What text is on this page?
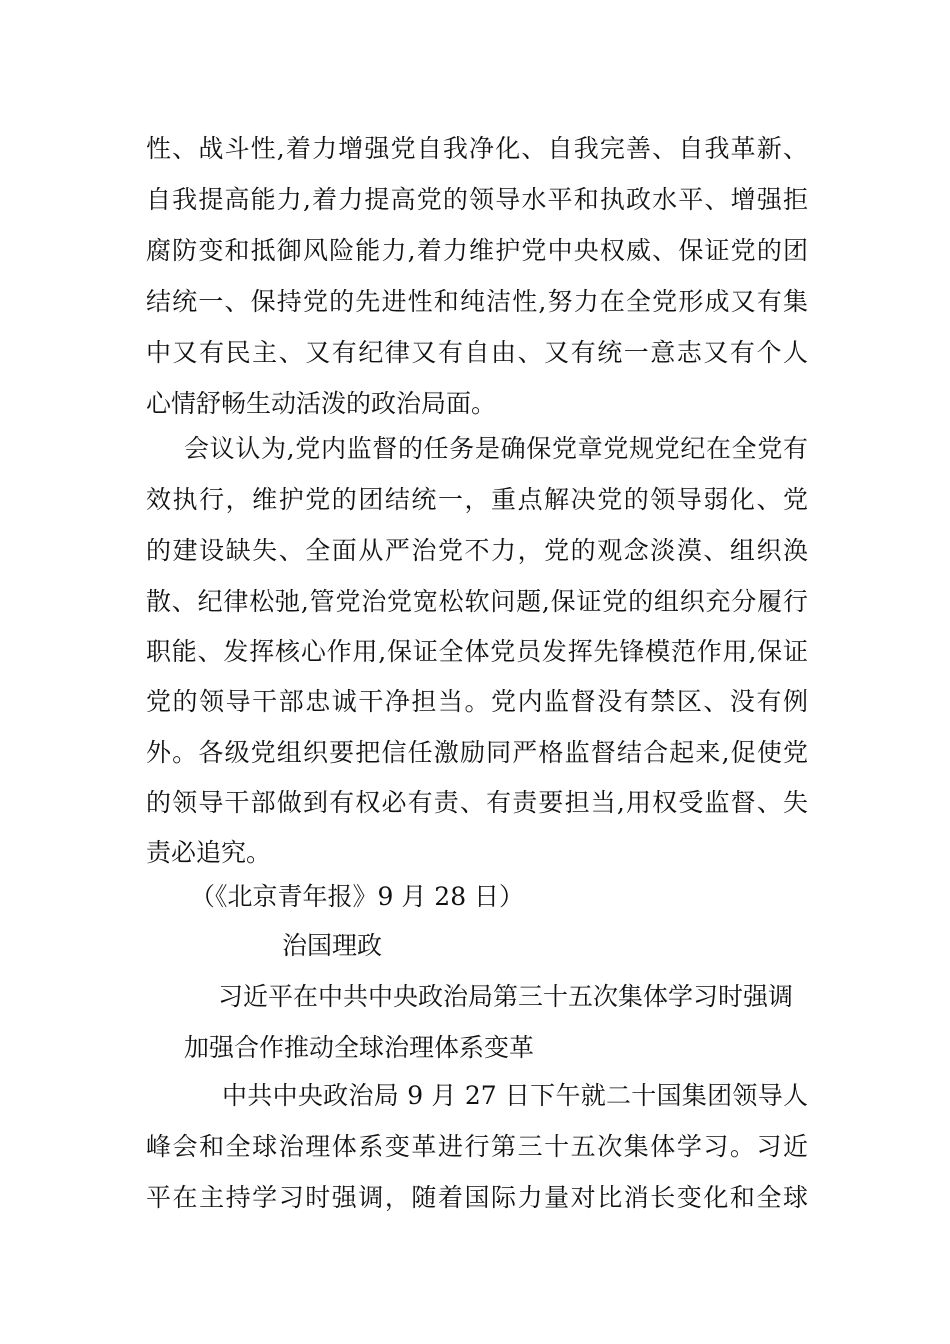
性、战斗性,着力增强党自我净化、自我完善、自我革新、
自我提高能力,着力提高党的领导水平和执政水平、增强拒
腐防变和抵御风险能力,着力维护党中央权威、保证党的团
结统一、保持党的先进性和纯洁性,努力在全党形成又有集
中又有民主、又有纪律又有自由、又有统一意志又有个人
心情舒畅生动活泼的政治局面。
会议认为,党内监督的任务是确保党章党规党纪在全党有
效执行，维护党的团结统一，重点解决党的领导弱化、党
的建设缺失、全面从严治党不力，党的观念淡漠、组织涣
散、纪律松弛,管党治党宽松软问题,保证党的组织充分履行
职能、发挥核心作用,保证全体党员发挥先锋模范作用,保证
党的领导干部忠诚干净担当。党内监督没有禁区、没有例
外。各级党组织要把信任激励同严格监督结合起来,促使党
的领导干部做到有权必有责、有责要担当,用权受监督、失
责必追究。
（《北京青年报》9 月 28 日）
治国理政
习近平在中共中央政治局第三十五次集体学习时强调
加强合作推动全球治理体系变革
中共中央政治局 9 月 27 日下午就二十国集团领导人
峰会和全球治理体系变革进行第三十五次集体学习。习近
平在主持学习时强调，随着国际力量对比消长变化和全球
